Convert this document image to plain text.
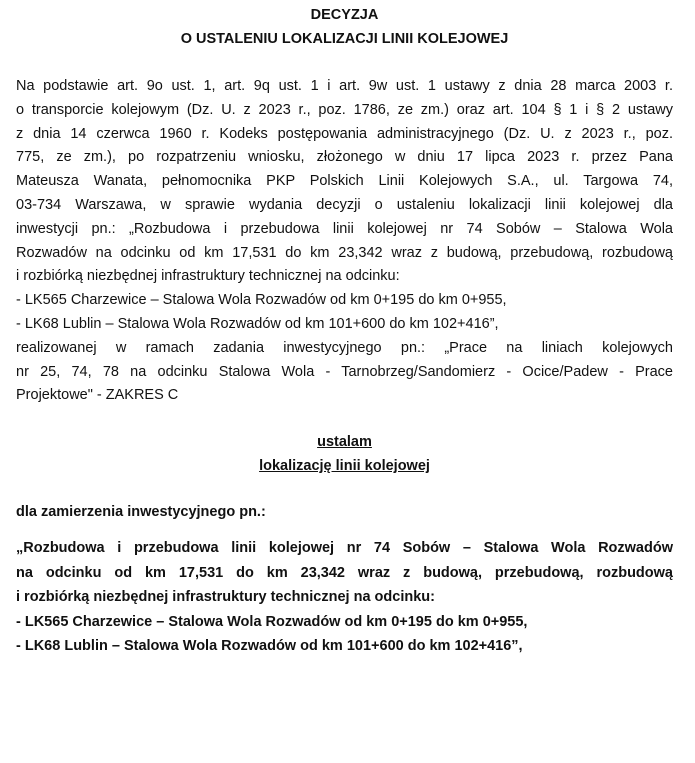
DECYZJA
O USTALENIU LOKALIZACJI LINII KOLEJOWEJ
Na podstawie art. 9o ust. 1, art. 9q ust. 1 i art. 9w ust. 1 ustawy z dnia 28 marca 2003 r.
o transporcie kolejowym (Dz. U. z 2023 r., poz. 1786, ze zm.) oraz art. 104 § 1 i § 2 ustawy
z dnia 14 czerwca 1960 r. Kodeks postępowania administracyjnego (Dz. U. z 2023 r., poz.
775, ze zm.), po rozpatrzeniu wniosku, złożonego w dniu 17 lipca 2023 r. przez Pana
Mateusza Wanata, pełnomocnika PKP Polskich Linii Kolejowych S.A., ul. Targowa 74,
03-734 Warszawa, w sprawie wydania decyzji o ustaleniu lokalizacji linii kolejowej dla
inwestycji pn.: „Rozbudowa i przebudowa linii kolejowej nr 74 Sobów – Stalowa Wola
Rozwadów na odcinku od km 17,531 do km 23,342 wraz z budową, przebudową, rozbudową
i rozbiórką niezbędnej infrastruktury technicznej na odcinku:
- LK565 Charzewice – Stalowa Wola Rozwadów od km 0+195 do km 0+955,
- LK68 Lublin – Stalowa Wola Rozwadów od km 101+600 do km 102+416”,
realizowanej w ramach zadania inwestycyjnego pn.: „Prace na liniach kolejowych
nr 25, 74, 78 na odcinku Stalowa Wola - Tarnobrzeg/Sandomierz - Ocice/Padew - Prace
Projektowe" - ZAKRES C
ustalam
lokalizację linii kolejowej
dla zamierzenia inwestycyjnego pn.:
„Rozbudowa i przebudowa linii kolejowej nr 74 Sobów – Stalowa Wola Rozwadów
na odcinku od km 17,531 do km 23,342 wraz z budową, przebudową, rozbudową
i rozbiórką niezbędnej infrastruktury technicznej na odcinku:
- LK565 Charzewice – Stalowa Wola Rozwadów od km 0+195 do km 0+955,
- LK68 Lublin – Stalowa Wola Rozwadów od km 101+600 do km 102+416”,
